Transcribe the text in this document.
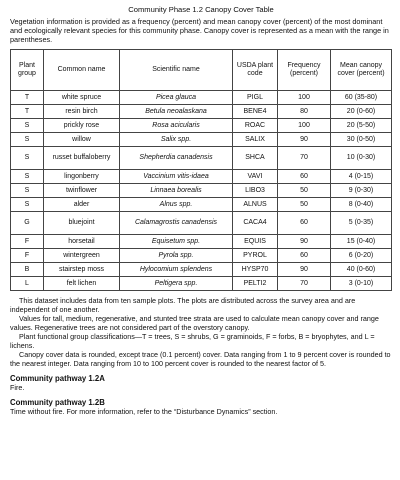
Community Phase 1.2 Canopy Cover Table
Vegetation information is provided as a frequency (percent) and mean canopy cover (percent) of the most dominant and ecologically relevant species for this community phase. Canopy cover is represented as a mean with the range in parentheses.
Plant group	Common name	Scientific name	USDA plant code	Frequency (percent)	Mean canopy cover (percent)
T	white spruce	Picea glauca	PIGL	100	60 (35-80)
T	resin birch	Betula neoalaskana	BENE4	80	20 (0-60)
S	prickly rose	Rosa acicularis	ROAC	100	20 (5-50)
S	willow	Salix spp.	SALIX	90	30 (0-50)
S	russet buffaloberry	Shepherdia canadensis	SHCA	70	10 (0-30)
S	lingonberry	Vaccinium vitis-idaea	VAVI	60	4 (0-15)
S	twinflower	Linnaea borealis	LIBO3	50	9 (0-30)
S	alder	Alnus spp.	ALNUS	50	8 (0-40)
G	bluejoint	Calamagrostis canadensis	CACA4	60	5 (0-35)
F	horsetail	Equisetum spp.	EQUIS	90	15 (0-40)
F	wintergreen	Pyrola spp.	PYROL	60	6 (0-20)
B	stairstep moss	Hylocomium splendens	HYSP70	90	40 (0-60)
L	felt lichen	Peltigera spp.	PELTI2	70	3 (0-10)

This dataset includes data from ten sample plots. The plots are distributed across the survey area and are independent of one another.

Values for tall, medium, regenerative, and stunted tree strata are used to calculate mean canopy cover and range values. Regenerative trees are not considered part of the overstory canopy.

Plant functional group classifications—T = trees, S = shrubs, G = graminoids, F = forbs, B = bryophytes, and L = lichens.

Canopy cover data is rounded, except trace (0.1 percent) cover. Data ranging from 1 to 9 percent cover is rounded to the nearest integer. Data ranging from 10 to 100 percent cover is rounded to the nearest factor of 5.

Community pathway 1.2A
Fire.
Community pathway 1.2B
Time without fire. For more information, refer to the “Disturbance Dynamics” section.
